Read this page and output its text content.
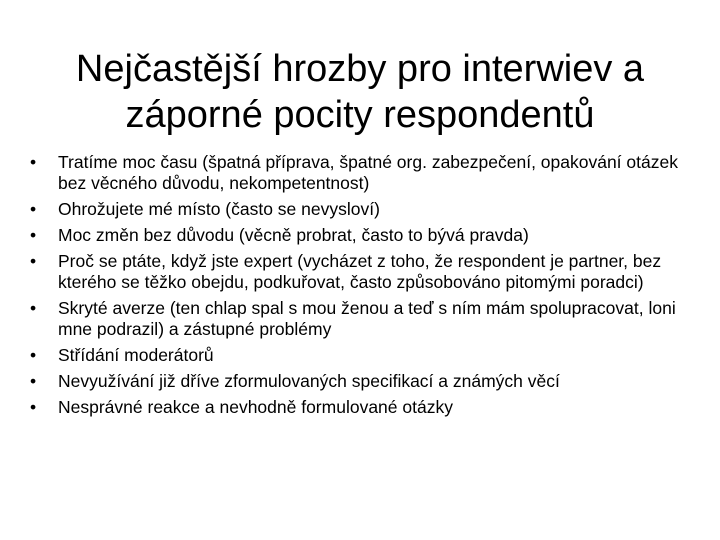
Nejčastější hrozby pro interwiev a
záporné pocity respondentů
•	Tratíme moc času (špatná příprava, špatné org. zabezpečení, opakování otázek bez věcného důvodu, nekompetentnost)
•	Ohrožujete mé místo (často se nevysloví)
•	Moc změn bez důvodu (věcně probrat, často to bývá pravda)
•	Proč se ptáte, když jste expert (vycházet z toho, že respondent je partner, bez kterého se těžko obejdu, podkuřovat, často způsobováno pitomými poradci)
•	Skryté averze (ten chlap spal s mou ženou a teď s ním mám spolupracovat, loni mne podrazil) a zástupné problémy
•	Střídání moderátorů
•	Nevyužívání již dříve zformulovaných specifikací a známých věcí
•	Nesprávné reakce a nevhodně formulované otázky
